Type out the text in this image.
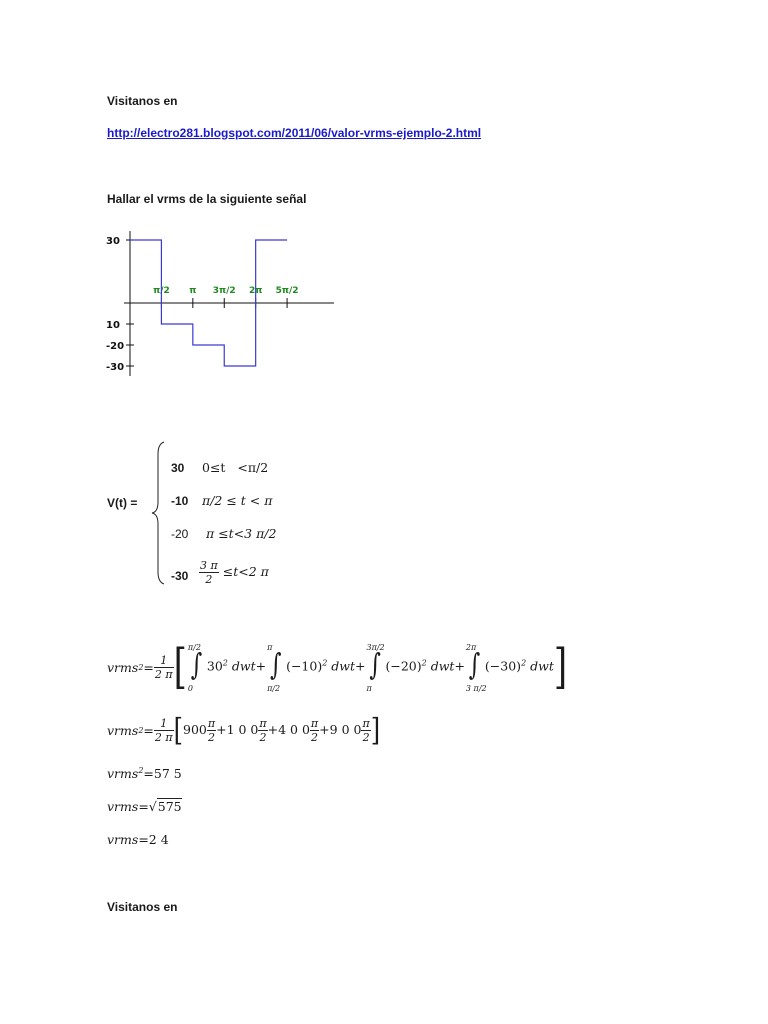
Visitanos en
http://electro281.blogspot.com/2011/06/valor-vrms-ejemplo-2.html
Hallar el vrms de la siguiente señal
30
10
-20
-30
π/2 π 3π/2 2π 5π/2
V(t) =
30 0≤t   <π/2
-10 π/2 ≤ t < π
-20 π ≤t<3 π/2
$-30 \frac{3 \pi}{2} \le t<2$ π
vrms $2 = \frac{1}{2 \pi}$ [ π/2
∫
0
$30^2$ dwt+
π
∫
π/2
$(-10)^2$ dwt+
3π/2
∫
π
$(-20)^2$ dwt+
2π
∫
3 π/2
$(-30)^2$ dwt ]
vrms $2 = \frac{1}{2 \pi}$ [ $900 \frac{\pi}{2} +1$ 0 $0 \frac{\pi}{2} +4$ 0 $0 \frac{\pi}{2} +9$ 0 $0 \frac{\pi}{2}$ ]
vrms$^2$=57 5
vrms=√575
vrms=2 4
Visitanos en
